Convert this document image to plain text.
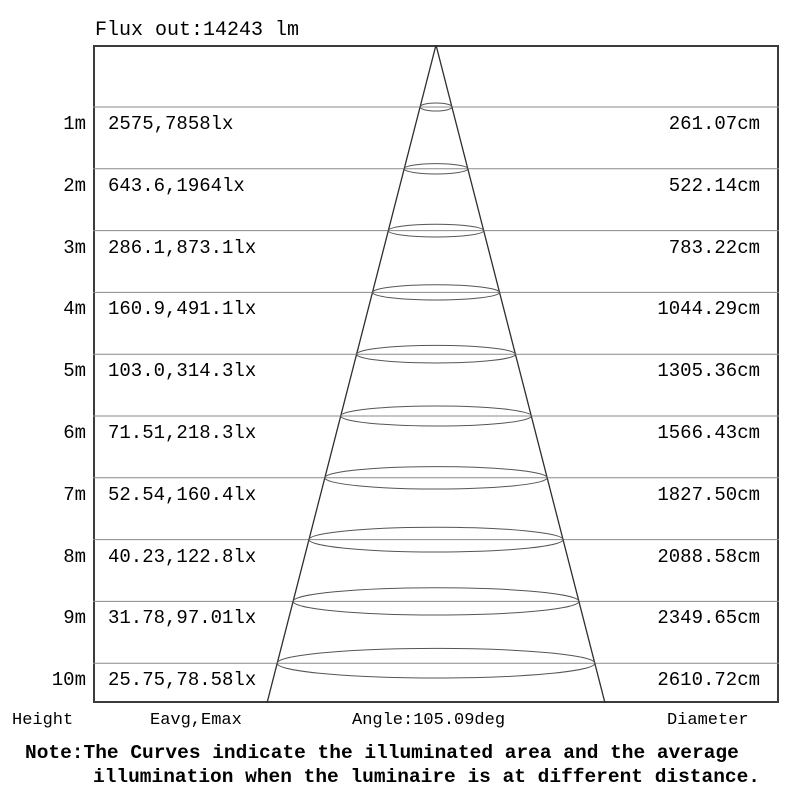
Flux out:14243 lm

1m 2575,7858lx	261.07cm
2m 643.6,1964lx	522.14cm
3m 286.1,873.1lx	783.22cm
4m 160.9,491.1lx	1044.29cm
5m 103.0,314.3lx	1305.36cm
6m 71.51,218.3lx	1566.43cm
7m 52.54,160.4lx	1827.50cm
8m 40.23,122.8lx	2088.58cm
9m 31.78,97.01lx	2349.65cm
10m 25.75,78.58lx	2610.72cm
Height	Eavg,Emax	Angle:105.09deg	Diameter
Note:The Curves indicate the illuminated area and the average
illumination when the luminaire is at different distance.
